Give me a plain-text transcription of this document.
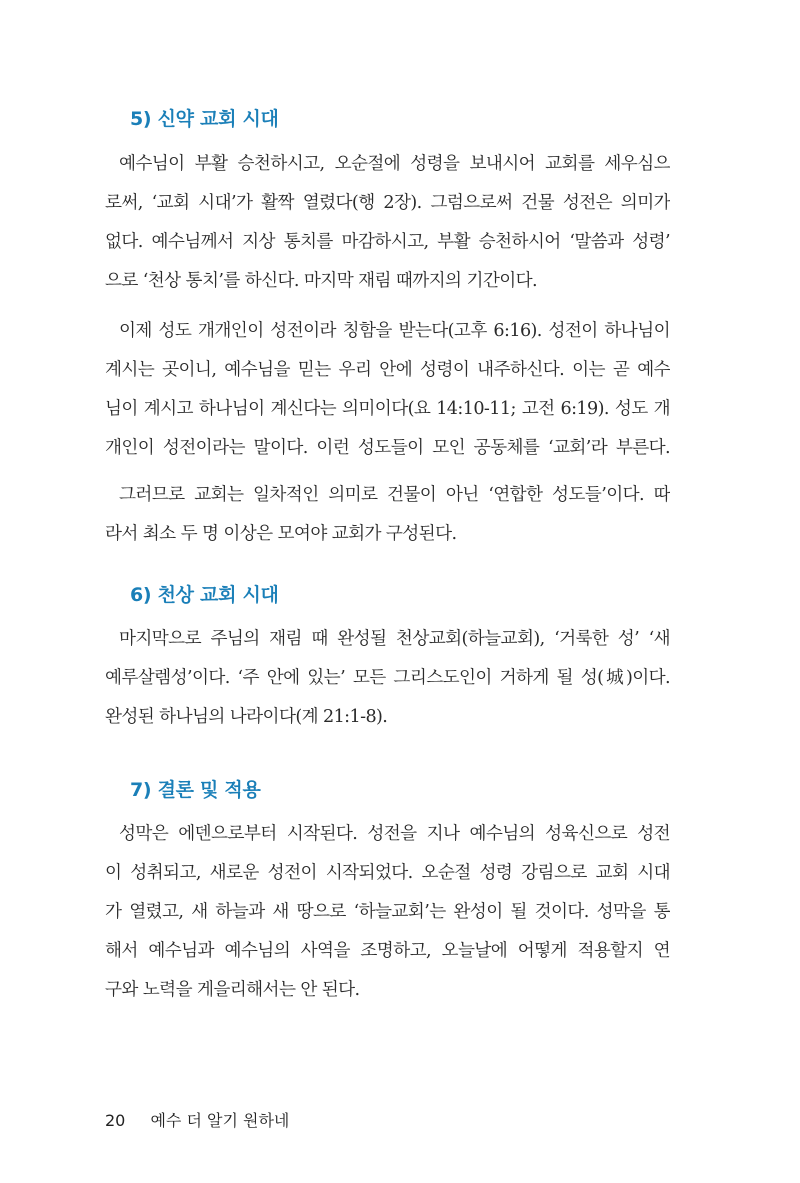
5) 신약 교회 시대
예수님이 부활 승천하시고, 오순절에 성령을 보내시어 교회를 세우심으
로써, ‘교회 시대’가 활짝 열렸다(행 2장). 그럼으로써 건물 성전은 의미가
없다. 예수님께서 지상 통치를 마감하시고, 부활 승천하시어 ‘말씀과 성령’
으로 ‘천상 통치’를 하신다. 마지막 재림 때까지의 기간이다.
이제 성도 개개인이 성전이라 칭함을 받는다(고후 6:16). 성전이 하나님이
계시는 곳이니, 예수님을 믿는 우리 안에 성령이 내주하신다. 이는 곧 예수
님이 계시고 하나님이 계신다는 의미이다(요 14:10-11; 고전 6:19). 성도 개
개인이 성전이라는 말이다. 이런 성도들이 모인 공동체를 ‘교회’라 부른다.
그러므로 교회는 일차적인 의미로 건물이 아닌 ‘연합한 성도들’이다. 따
라서 최소 두 명 이상은 모여야 교회가 구성된다.
6) 천상 교회 시대
마지막으로 주님의 재림 때 완성될 천상교회(하늘교회), ‘거룩한 성’ ‘새
예루살렘성’이다. ‘주 안에 있는’ 모든 그리스도인이 거하게 될 성(城)이다.
완성된 하나님의 나라이다(계 21:1-8).
7) 결론 및 적용
성막은 에덴으로부터 시작된다. 성전을 지나 예수님의 성육신으로 성전
이 성취되고, 새로운 성전이 시작되었다. 오순절 성령 강림으로 교회 시대
가 열렸고, 새 하늘과 새 땅으로 ‘하늘교회’는 완성이 될 것이다. 성막을 통
해서 예수님과 예수님의 사역을 조명하고, 오늘날에 어떻게 적용할지 연
구와 노력을 게을리해서는 안 된다.
20 예수 더 알기 원하네
